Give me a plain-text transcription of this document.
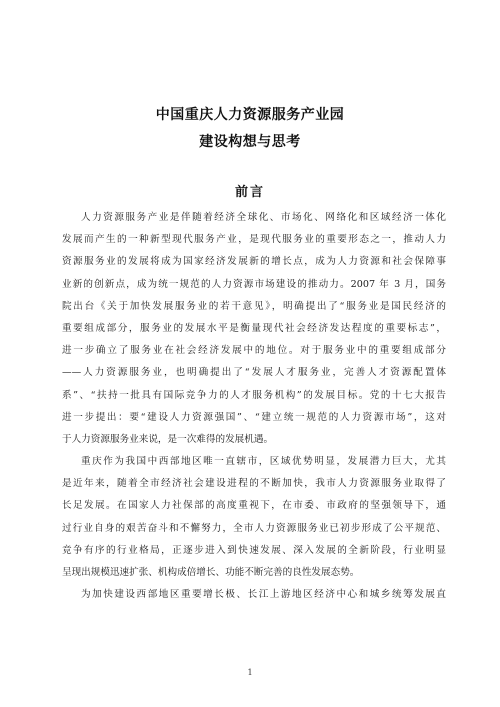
中国重庆人力资源服务产业园
建设构想与思考
前言
人力资源服务产业是伴随着经济全球化、市场化、网络化和区域经济一体化
发展而产生的一种新型现代服务产业，是现代服务业的重要形态之一，推动人力
资源服务业的发展将成为国家经济发展新的增长点，成为人力资源和社会保障事
业新的创新点，成为统一规范的人力资源市场建设的推动力。2007 年 3 月，国务
院出台《关于加快发展服务业的若干意见》，明确提出了“服务业是国民经济的
重要组成部分，服务业的发展水平是衡量现代社会经济发达程度的重要标志”，
进一步确立了服务业在社会经济发展中的地位。对于服务业中的重要组成部分
——人力资源服务业，也明确提出了“发展人才服务业，完善人才资源配置体
系”、“扶持一批具有国际竞争力的人才服务机构”的发展目标。党的十七大报告
进一步提出：要“建设人力资源强国”、“建立统一规范的人力资源市场”，这对
于人力资源服务业来说，是一次难得的发展机遇。
重庆作为我国中西部地区唯一直辖市，区域优势明显，发展潜力巨大，尤其
是近年来，随着全市经济社会建设进程的不断加快，我市人力资源服务业取得了
长足发展。在国家人力社保部的高度重视下，在市委、市政府的坚强领导下，通
过行业自身的艰苦奋斗和不懈努力，全市人力资源服务业已初步形成了公平规范、
竞争有序的行业格局，正逐步进入到快速发展、深入发展的全新阶段，行业明显
呈现出规模迅速扩张、机构成倍增长、功能不断完善的良性发展态势。
为加快建设西部地区重要增长极、长江上游地区经济中心和城乡统筹发展直
1
